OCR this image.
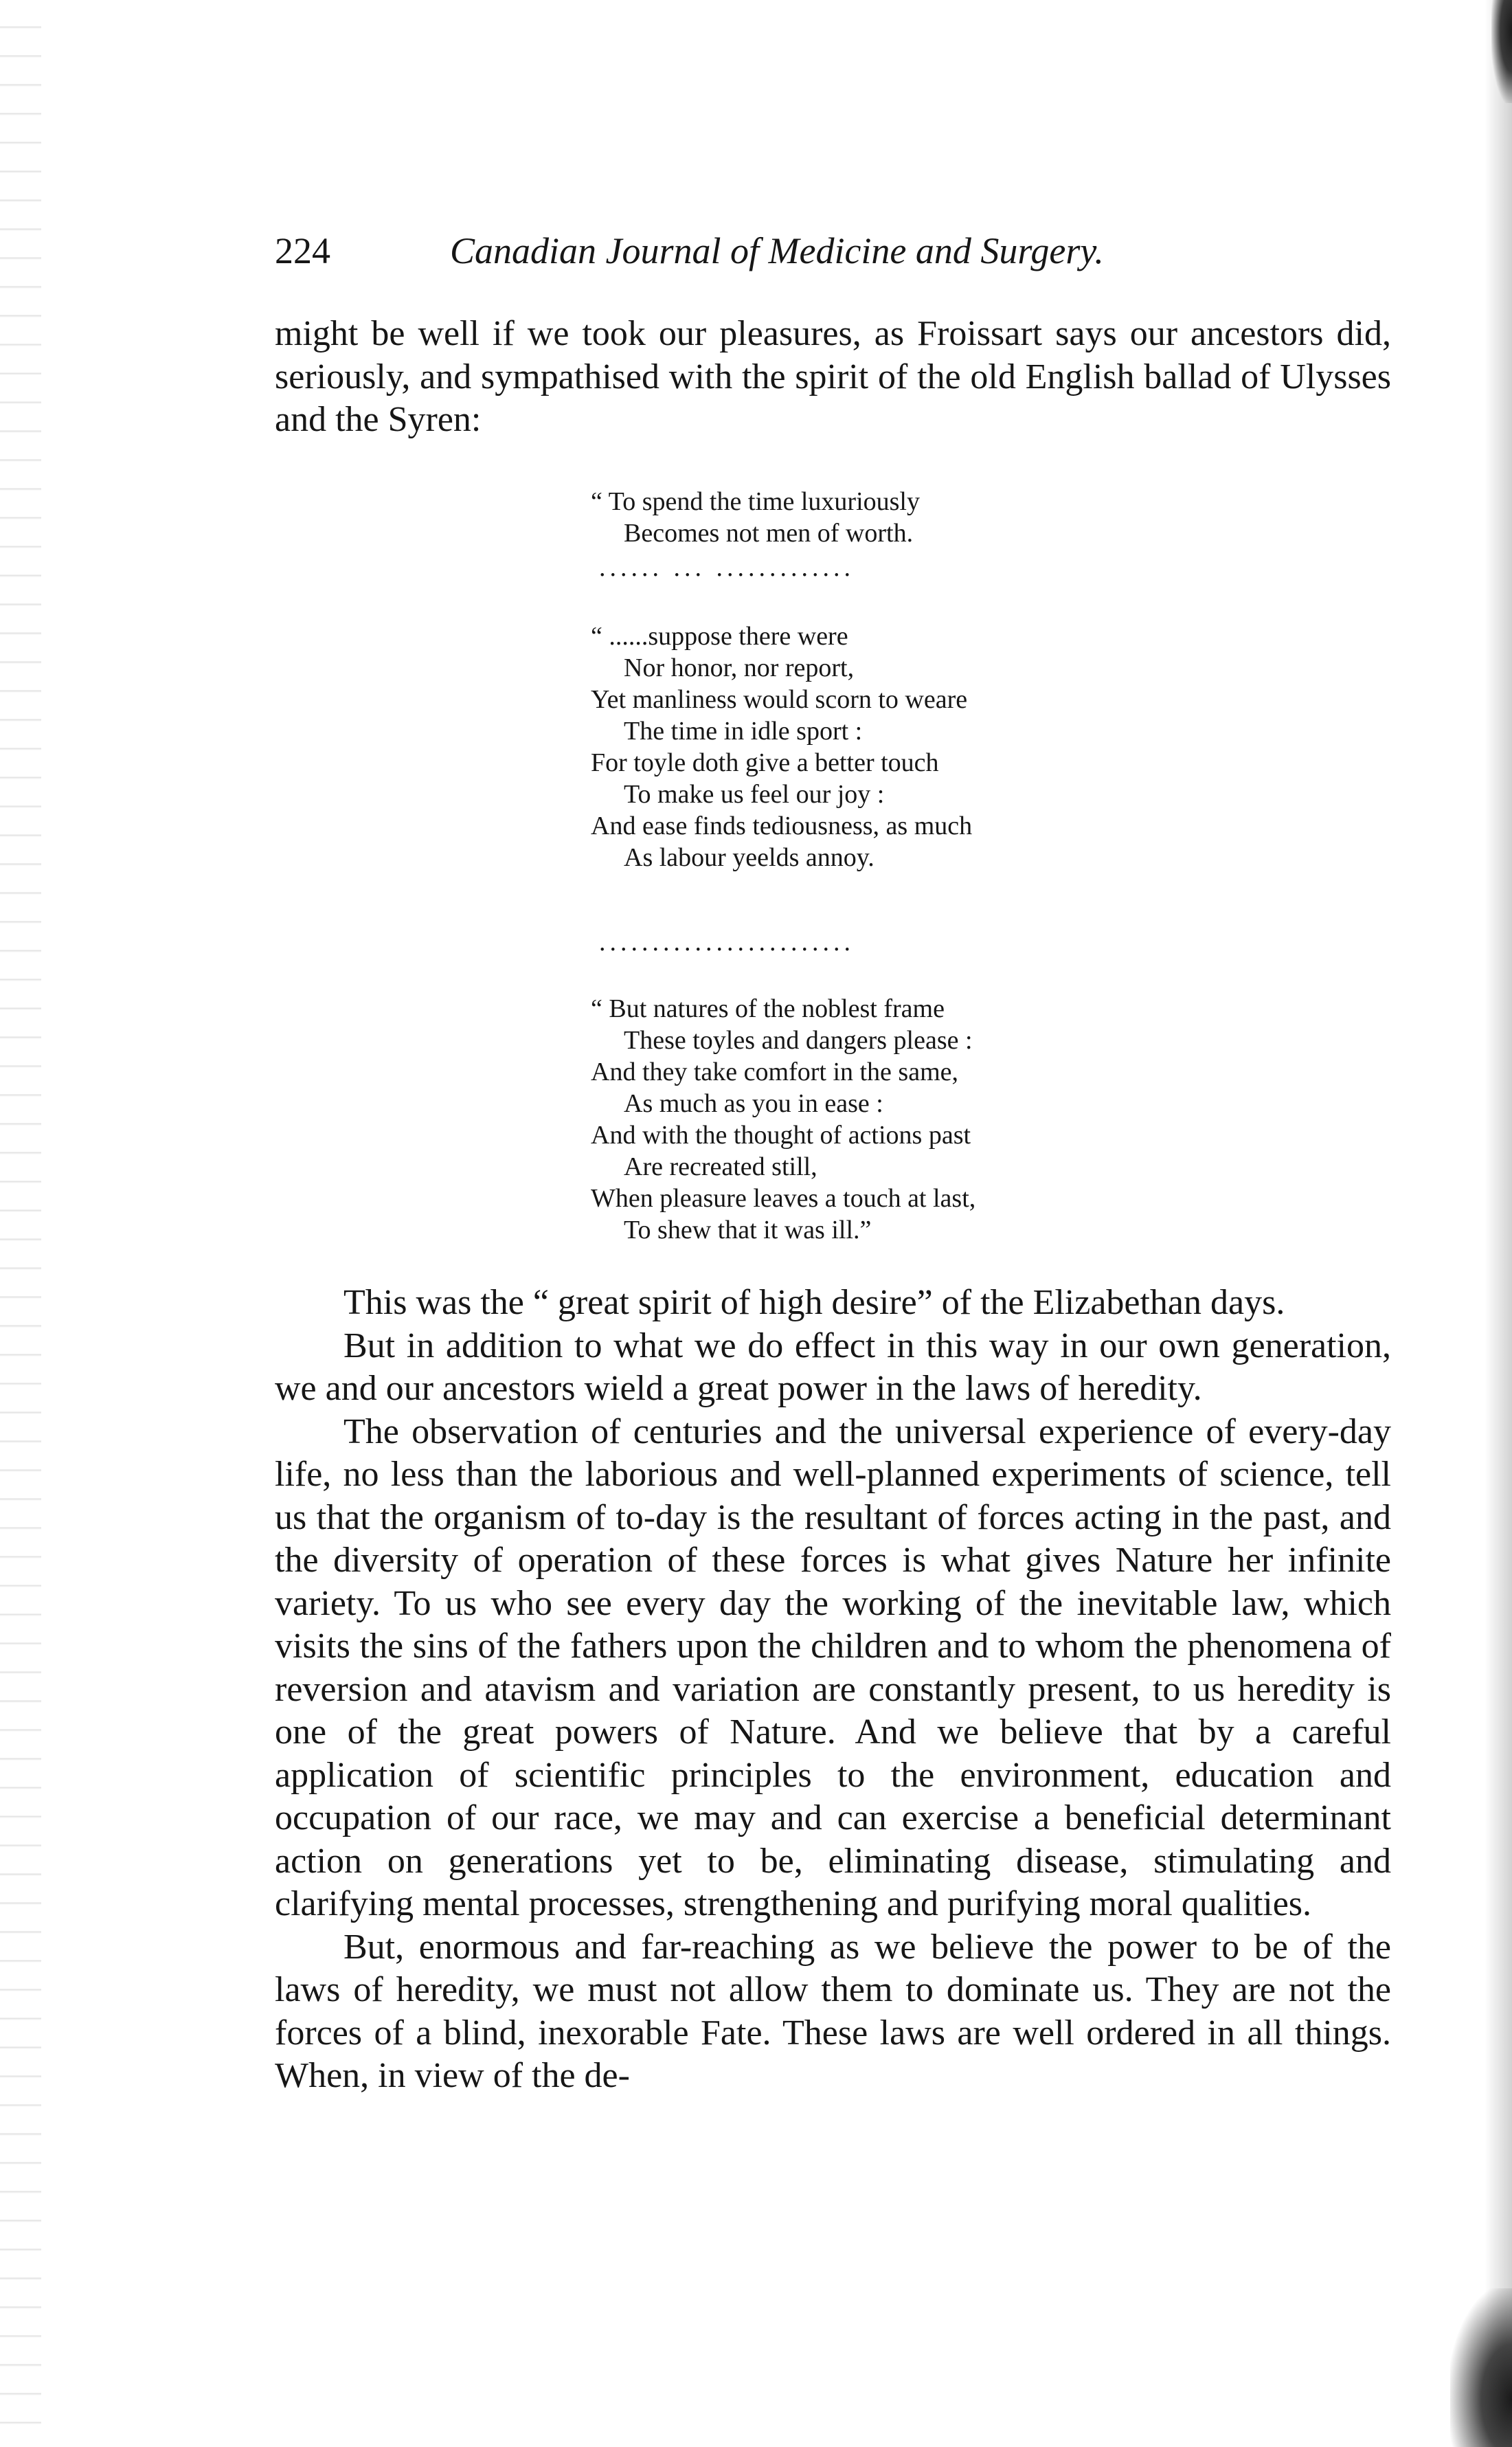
224	Canadian Journal of Medicine and Surgery.

might be well if we took our pleasures, as Froissart says our ancestors did, seriously, and sympathised with the spirit of the old English ballad of Ulysses and the Syren:

“ To spend the time luxuriously
Becomes not men of worth.
...... ... .............
“ ......suppose there were
Nor honor, nor report,
Yet manliness would scorn to weare
The time in idle sport :
For toyle doth give a better touch
To make us feel our joy :
And ease finds tediousness, as much
As labour yeelds annoy.
........................
“ But natures of the noblest frame
These toyles and dangers please :
And they take comfort in the same,
As much as you in ease :
And with the thought of actions past
Are recreated still,
When pleasure leaves a touch at last,
To shew that it was ill.”

This was the “ great spirit of high desire” of the Elizabethan days.

But in addition to what we do effect in this way in our own generation, we and our ancestors wield a great power in the laws of heredity.

The observation of centuries and the universal experience of every-day life, no less than the laborious and well-planned experiments of science, tell us that the organism of to-day is the resultant of forces acting in the past, and the diversity of operation of these forces is what gives Nature her infinite variety. To us who see every day the working of the inevitable law, which visits the sins of the fathers upon the children and to whom the phenomena of reversion and atavism and variation are constantly present, to us heredity is one of the great powers of Nature. And we believe that by a careful application of scientific principles to the environment, education and occupation of our race, we may and can exercise a beneficial determinant action on generations yet to be, eliminating disease, stimulating and clarifying mental processes, strengthening and purifying moral qualities.

But, enormous and far-reaching as we believe the power to be of the laws of heredity, we must not allow them to dominate us. They are not the forces of a blind, inexorable Fate. These laws are well ordered in all things. When, in view of the de-
